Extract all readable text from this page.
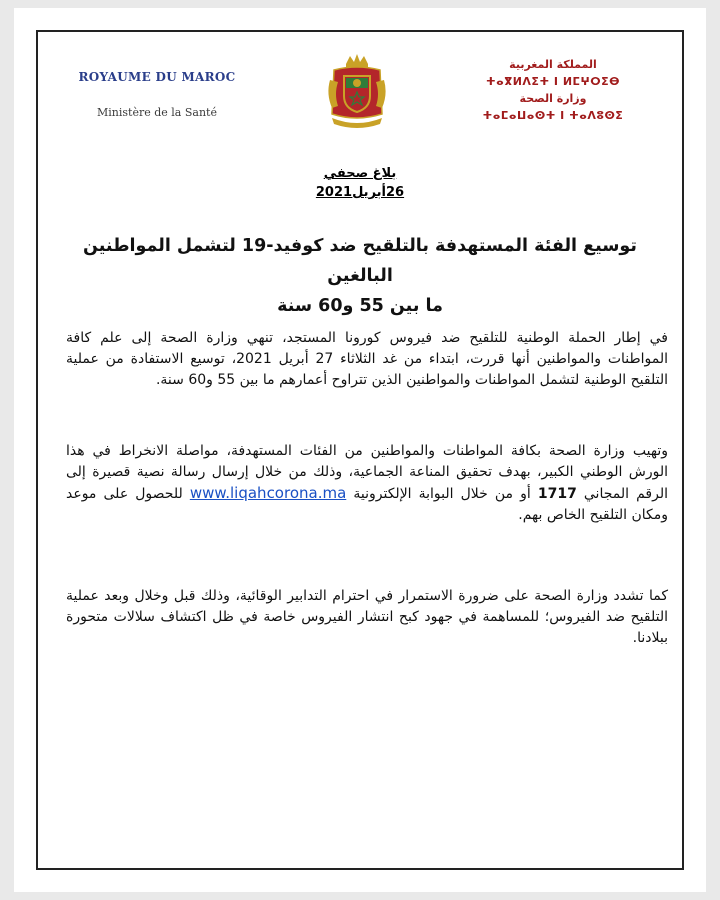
ROYAUME DU MAROC
Ministère de la Santé
المملكة المغربية
ⵜⴰⴳⵍⴷⵉⵜ ⵏ ⵍⵎⵖⵔⵉⴱ
وزارة الصحة
ⵜⴰⵎⴰⵡⴰⵙⵜ ⵏ ⵜⴰⴷⵓⵙⵉ
بلاغ صحفي
26أبريل2021
توسيع الفئة المستهدفة بالتلقيح ضد كوفيد-19 لتشمل المواطنين البالغين
ما بين 55 و60 سنة
في إطار الحملة الوطنية للتلقيح ضد فيروس كورونا المستجد، تنهي وزارة الصحة إلى علم كافة المواطنات والمواطنين أنها قررت، ابتداء من غد الثلاثاء 27 أبريل 2021، توسيع الاستفادة من عملية التلقيح الوطنية لتشمل المواطنات والمواطنين الذين تتراوح أعمارهم ما بين 55 و60 سنة.
وتهيب وزارة الصحة بكافة المواطنات والمواطنين من الفئات المستهدفة، مواصلة الانخراط في هذا الورش الوطني الكبير، بهدف تحقيق المناعة الجماعية، وذلك من خلال إرسال رسالة نصية قصيرة إلى الرقم المجاني 1717 أو من خلال البوابة الإلكترونية www.liqahcorona.ma للحصول على موعد ومكان التلقيح الخاص بهم.
كما تشدد وزارة الصحة على ضرورة الاستمرار في احترام التدابير الوقائية، وذلك قبل وخلال وبعد عملية التلقيح ضد الفيروس؛ للمساهمة في جهود كبح انتشار الفيروس خاصة في ظل اكتشاف سلالات متحورة ببلادنا.
